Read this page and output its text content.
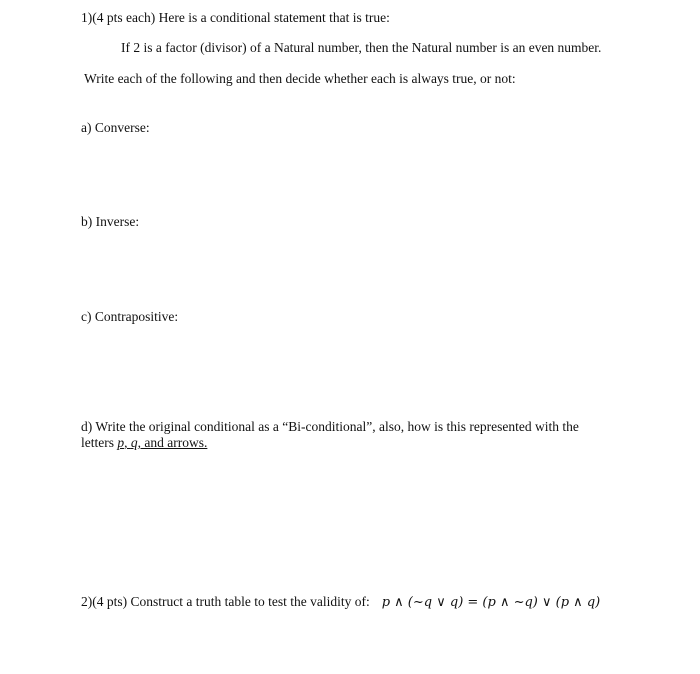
1)(4 pts each) Here is a conditional statement that is true:
If 2 is a factor (divisor) of a Natural number, then the Natural number is an even number.
Write each of the following and then decide whether each is always true, or not:
a) Converse:
b) Inverse:
c) Contrapositive:
d) Write the original conditional as a “Bi-conditional”, also, how is this represented with the
letters p, q, and arrows.
2)(4 pts) Construct a truth table to test the validity of: p ∧ (~q ∨ q) = (p ∧ ~q) ∨ (p ∧ q)
